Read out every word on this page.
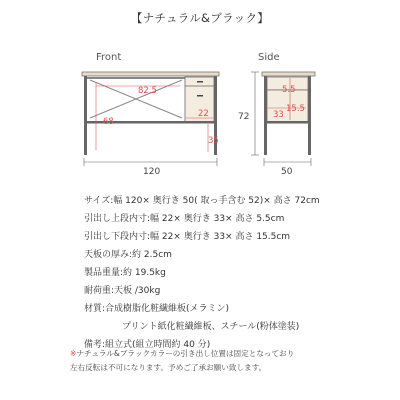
【ナチュラル&ブラック】
Front	Side
82.5
68
22
35
120
5.5
15.5
33
72
50
サイズ:幅 120× 奥行き 50( 取っ手含む 52)× 高さ 72cm
引出し上段内寸:幅 22× 奥行き 33× 高さ 5.5cm
引出し下段内寸:幅 22× 奥行き 33× 高さ 15.5cm
天板の厚み:約 2.5cm
製品重量:約 19.5kg
耐荷重:天板 /30kg
材質:合成樹脂化粧繊維板(メラミン)
プリント紙化粧繊維板、スチール(粉体塗装)
備考:組立式(組立時間約 40 分)
※ナチュラル&ブラックカラーの引き出し位置は固定となっており
左右反転は不可になります。予めご了承お願い致します。
